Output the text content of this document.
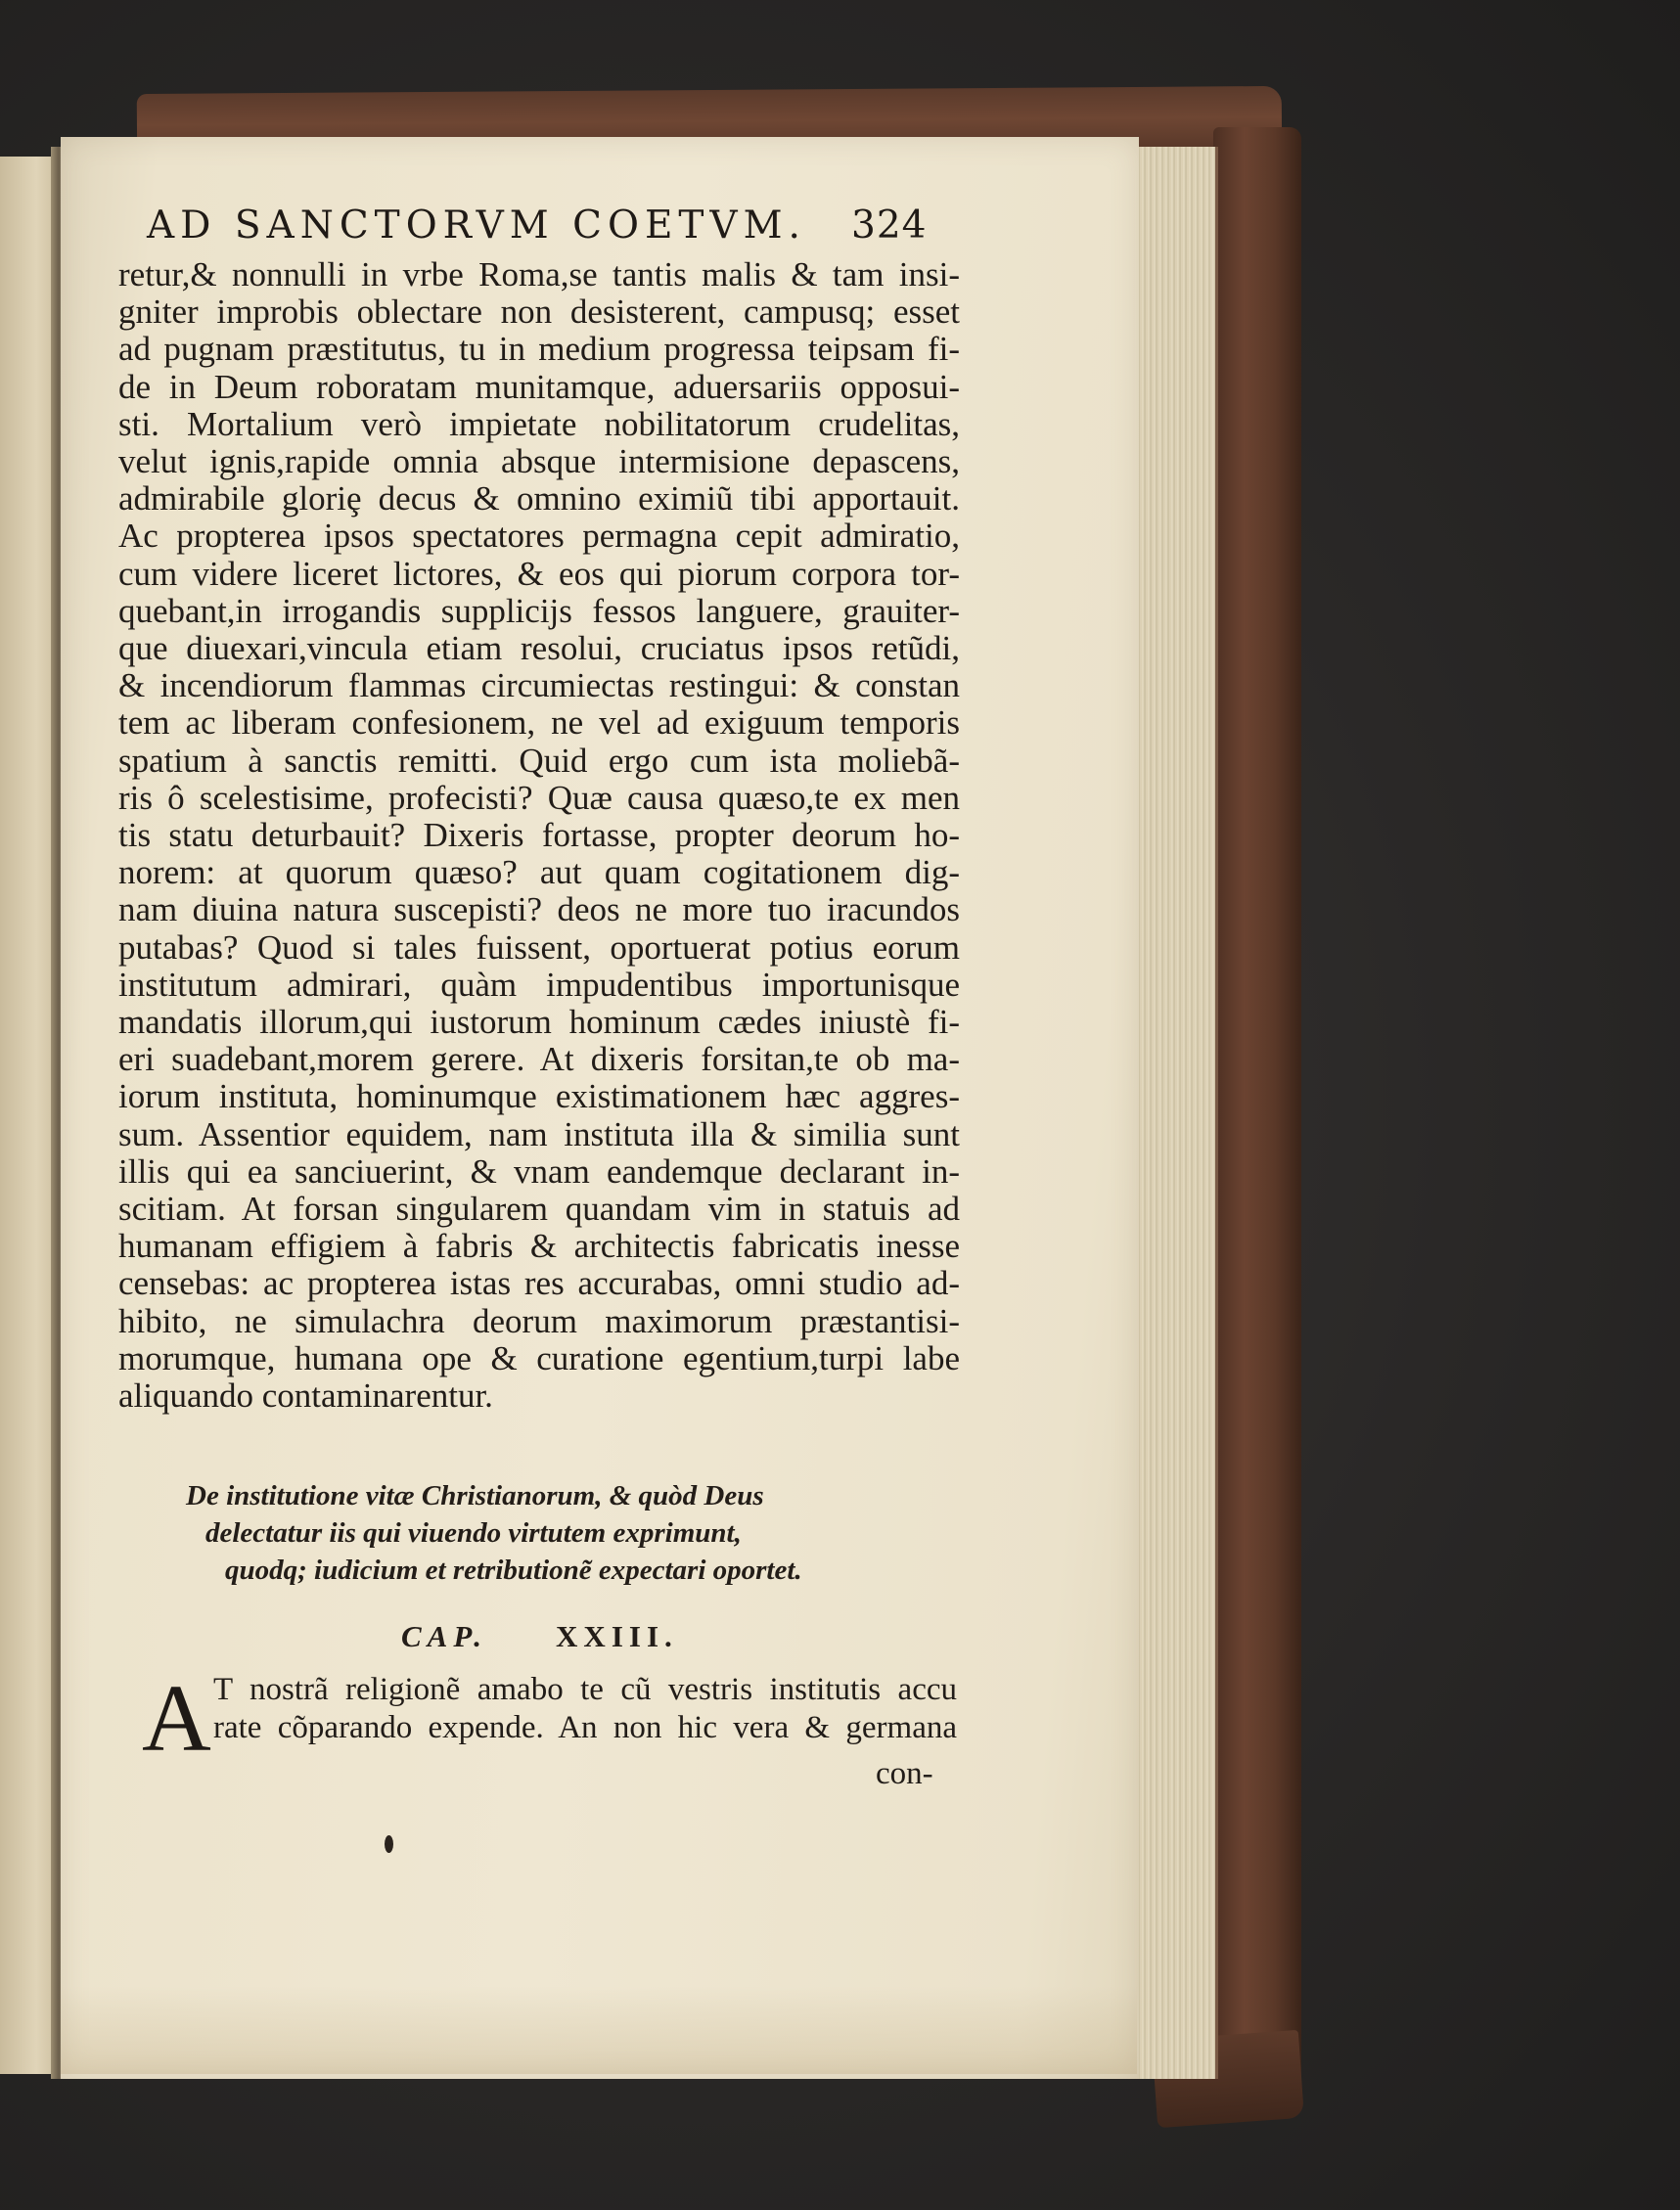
AD SANCTORVM COETVM. 324
retur,& nonnulli in vrbe Roma,se tantis malis & tam insi-
gniter improbis oblectare non desisterent, campusq; esset
ad pugnam præstitutus, tu in medium progressa teipsam fi-
de in Deum roboratam munitamque, aduersariis opposui-
sti. Mortalium verò impietate nobilitatorum crudelitas,
velut ignis,rapide omnia absque intermisione depascens,
admirabile gloriȩ decus & omnino eximiũ tibi apportauit.
Ac propterea ipsos spectatores permagna cepit admiratio,
cum videre liceret lictores, & eos qui piorum corpora tor-
quebant,in irrogandis supplicijs fessos languere, grauiter-
que diuexari,vincula etiam resolui, cruciatus ipsos retũdi,
& incendiorum flammas circumiectas restingui: & constan
tem ac liberam confesionem, ne vel ad exiguum temporis
spatium à sanctis remitti. Quid ergo cum ista moliebã-
ris ô scelestisime, profecisti? Quæ causa quæso,te ex men
tis statu deturbauit? Dixeris fortasse, propter deorum ho-
norem: at quorum quæso? aut quam cogitationem dig-
nam diuina natura suscepisti? deos ne more tuo iracundos
putabas? Quod si tales fuissent, oportuerat potius eorum
institutum admirari, quàm impudentibus importunisque
mandatis illorum,qui iustorum hominum cædes iniustè fi-
eri suadebant,morem gerere. At dixeris forsitan,te ob ma-
iorum instituta, hominumque existimationem hæc aggres-
sum. Assentior equidem, nam instituta illa & similia sunt
illis qui ea sanciuerint, & vnam eandemque declarant in-
scitiam. At forsan singularem quandam vim in statuis ad
humanam effigiem à fabris & architectis fabricatis inesse
censebas: ac propterea istas res accurabas, omni studio ad-
hibito, ne simulachra deorum maximorum præstantisi-
morumque, humana ope & curatione egentium,turpi labe
aliquando contaminarentur.
De institutione vitæ Christianorum, & quòd Deus
delectatur iis qui viuendo virtutem exprimunt,
quodq; iudicium et retributionẽ expectari oportet.
CAP. XXIII.
A T nostrã religionẽ amabo te cũ vestris institutis accu
rate cõparando expende. An non hic vera & germana
con-
